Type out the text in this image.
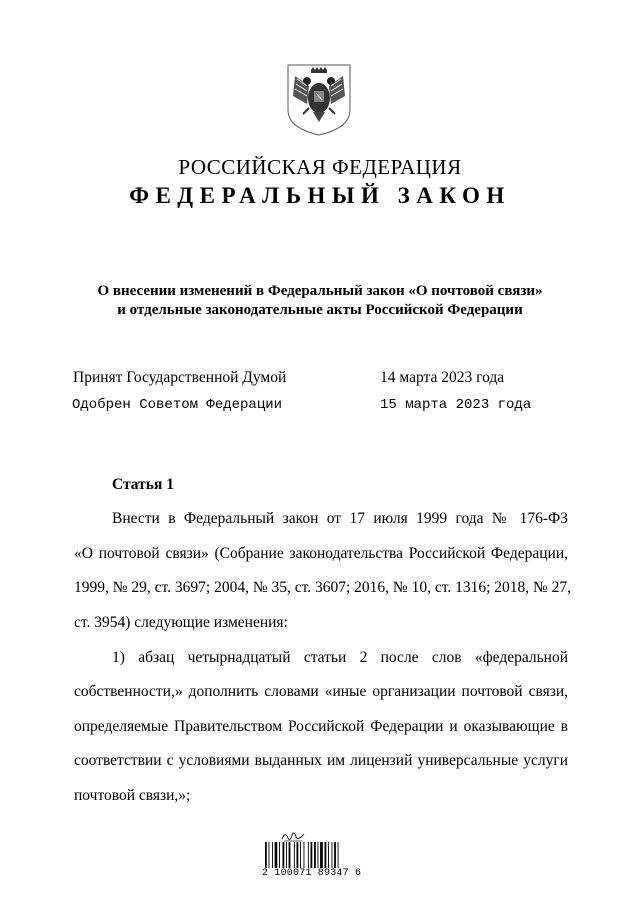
РОССИЙСКАЯ ФЕДЕРАЦИЯ
ФЕДЕРАЛЬНЫЙ ЗАКОН
О внесении изменений в Федеральный закон «О почтовой связи»
и отдельные законодательные акты Российской Федерации
Принят Государственной Думой	14 марта 2023 года
Одобрен Советом Федерации	15 марта 2023 года
Статья 1
Внести в Федеральный закон от 17 июля 1999 года № 176-ФЗ
«О почтовой связи» (Собрание законодательства Российской Федерации,
1999, № 29, ст. 3697; 2004, № 35, ст. 3607; 2016, № 10, ст. 1316; 2018, № 27,
ст. 3954) следующие изменения:
1) абзац четырнадцатый статьи 2 после слов «федеральной
собственности,» дополнить словами «иные организации почтовой связи,
определяемые Правительством Российской Федерации и оказывающие в
соответствии с условиями выданных им лицензий универсальные услуги
почтовой связи,»;
2 100071 89347 6
